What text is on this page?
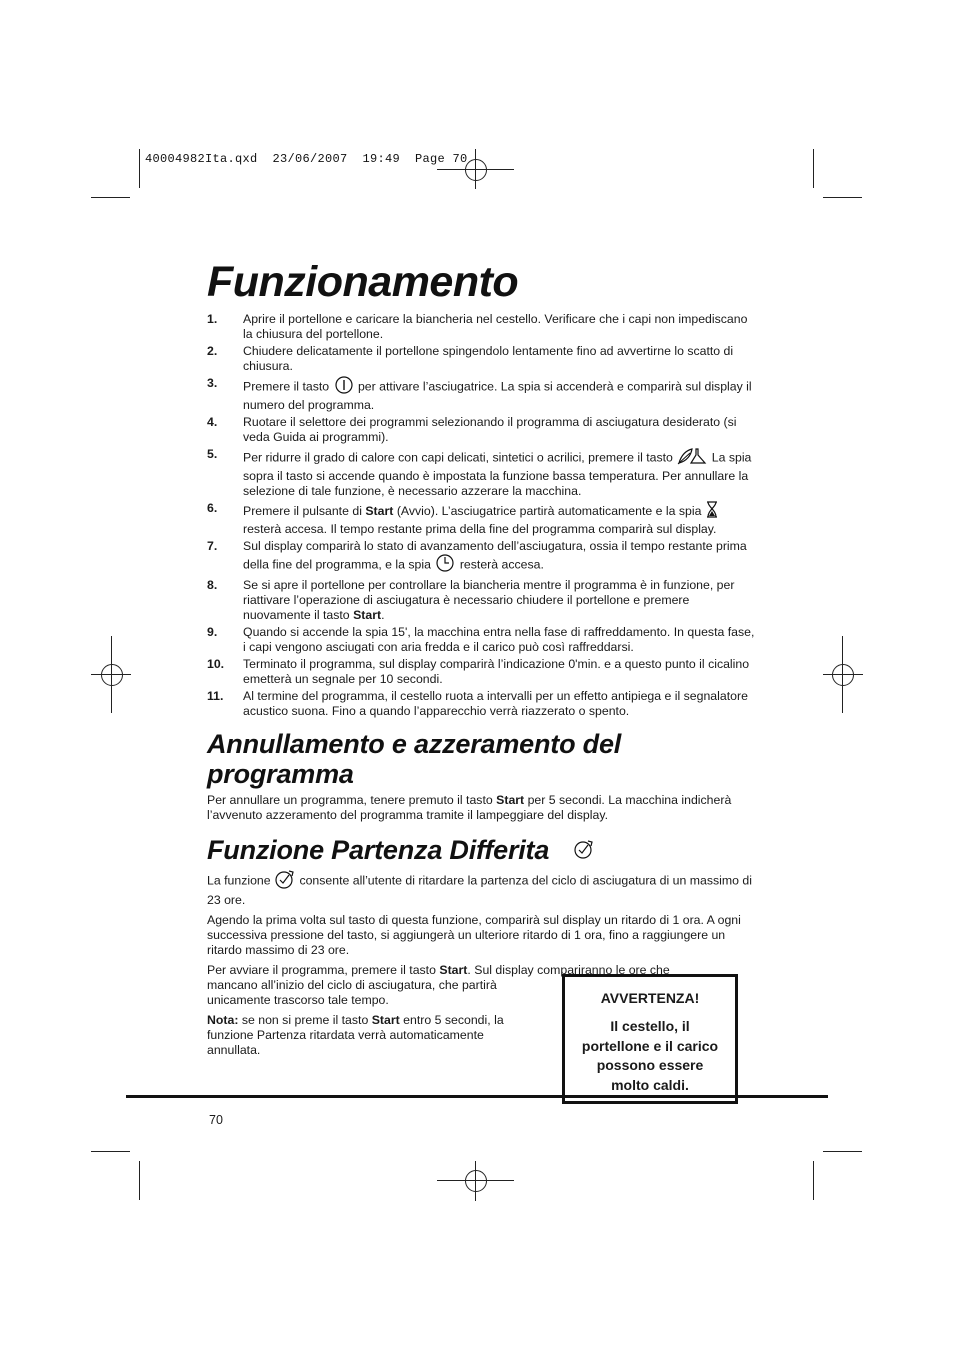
40004982Ita.qxd  23/06/2007  19:49  Page 70
Funzionamento
1.	Aprire il portellone e caricare la biancheria nel cestello. Verificare che i capi non impediscano la chiusura del portellone.
2.	Chiudere delicatamente il portellone spingendolo lentamente fino ad avvertirne lo scatto di chiusura.
3.	Premere il tasto per attivare l’asciugatrice. La spia si accenderà e comparirà sul display il numero del programma.
4.	Ruotare il selettore dei programmi selezionando il programma di asciugatura desiderato (si veda Guida ai programmi).
5.	Per ridurre il grado di calore con capi delicati, sintetici o acrilici, premere il tasto	La spia sopra il tasto si accende quando è impostata la funzione bassa temperatura. Per annullare la selezione di tale funzione, è necessario azzerare la macchina.
6.	Premere il pulsante di Start (Avvio). L’asciugatrice partirà automaticamente e la spia  resterà accesa. Il tempo restante prima della fine del programma comparirà sul display.
7.	Sul display comparirà lo stato di avanzamento dell’asciugatura, ossia il tempo restante prima della fine del programma, e la spia resterà accesa.
8.	Se si apre il portellone per controllare la biancheria mentre il programma è in funzione, per riattivare l’operazione di asciugatura è necessario chiudere il portellone e premere nuovamente il tasto Start.
9.	Quando si accende la spia 15', la macchina entra nella fase di raffreddamento. In questa fase, i capi vengono asciugati con aria fredda e il carico può così raffreddarsi.
10.	Terminato il programma, sul display comparirà l’indicazione 0'min. e a questo punto il cicalino emetterà un segnale per 10 secondi.
11.	Al termine del programma, il cestello ruota a intervalli per un effetto antipiega e il segnalatore acustico suona. Fino a quando l’apparecchio verrà riazzerato o spento.
Annullamento e azzeramento del programma

Per annullare un programma, tenere premuto il tasto Start per 5 secondi. La macchina indicherà l’avvenuto azzeramento del programma tramite il lampeggiare del display.

Funzione Partenza Differita

La funzione consente all’utente di ritardare la partenza del ciclo di asciugatura di un massimo di 23 ore.

Agendo la prima volta sul tasto di questa funzione, comparirà sul display un ritardo di 1 ora. A ogni successiva pressione del tasto, si aggiungerà un ulteriore ritardo di 1 ora, fino a raggiungere un ritardo massimo di 23 ore.

Per avviare il programma, premere il tasto Start. Sul display compariranno le ore che

mancano all’inizio del ciclo di asciugatura, che partirà unicamente trascorso tale tempo.

Nota: se non si preme il tasto Start entro 5 secondi, la funzione Partenza ritardata verrà automaticamente annullata.

AVVERTENZA!
Il cestello, il portellone e il carico possono essere molto caldi.
70
